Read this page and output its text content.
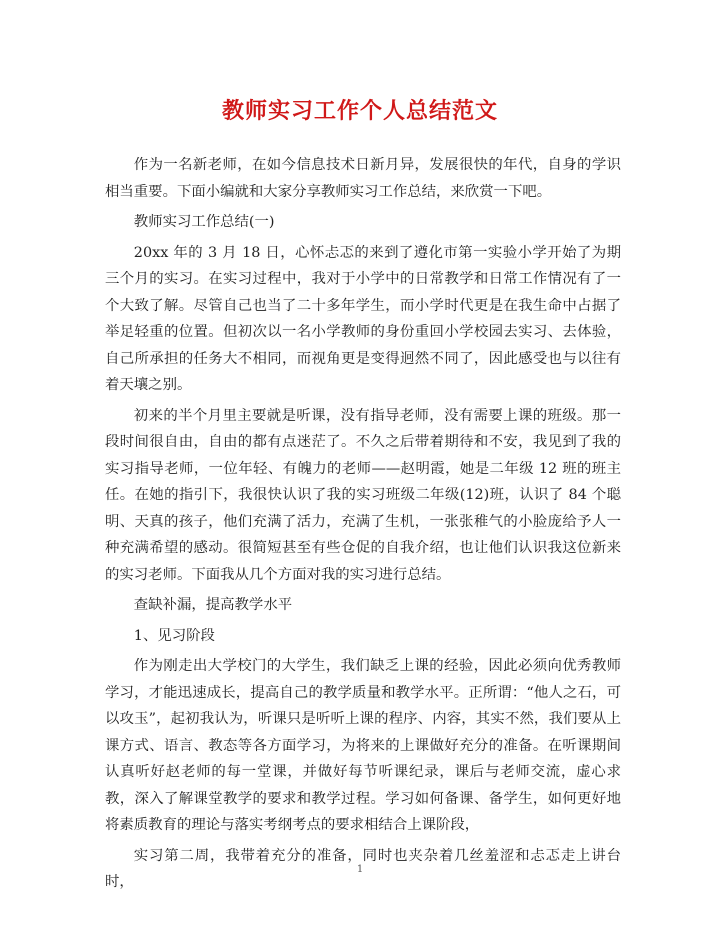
教师实习工作个人总结范文

作为一名新老师，在如今信息技术日新月异，发展很快的年代，自身的学识相当重要。下面小编就和大家分享教师实习工作总结，来欣赏一下吧。

教师实习工作总结(一)

20xx 年的 3 月 18 日，心怀忐忑的来到了遵化市第一实验小学开始了为期三个月的实习。在实习过程中，我对于小学中的日常教学和日常工作情况有了一个大致了解。尽管自己也当了二十多年学生，而小学时代更是在我生命中占据了举足轻重的位置。但初次以一名小学教师的身份重回小学校园去实习、去体验，自己所承担的任务大不相同，而视角更是变得迥然不同了，因此感受也与以往有着天壤之别。

初来的半个月里主要就是听课，没有指导老师，没有需要上课的班级。那一段时间很自由，自由的都有点迷茫了。不久之后带着期待和不安，我见到了我的实习指导老师，一位年轻、有魄力的老师——赵明霞，她是二年级 12 班的班主任。在她的指引下，我很快认识了我的实习班级二年级(12)班，认识了 84 个聪明、天真的孩子，他们充满了活力，充满了生机，一张张稚气的小脸庞给予人一种充满希望的感动。很简短甚至有些仓促的自我介绍，也让他们认识我这位新来的实习老师。下面我从几个方面对我的实习进行总结。

查缺补漏，提高教学水平

1、见习阶段

作为刚走出大学校门的大学生，我们缺乏上课的经验，因此必须向优秀教师学习，才能迅速成长，提高自己的教学质量和教学水平。正所谓：“他人之石，可以攻玉”，起初我认为，听课只是听听上课的程序、内容，其实不然，我们要从上课方式、语言、教态等各方面学习，为将来的上课做好充分的准备。在听课期间认真听好赵老师的每一堂课，并做好每节听课纪录，课后与老师交流，虚心求教，深入了解课堂教学的要求和教学过程。学习如何备课、备学生，如何更好地将素质教育的理论与落实考纲考点的要求相结合上课阶段，

实习第二周，我带着充分的准备，同时也夹杂着几丝羞涩和忐忑走上讲台时，

1
